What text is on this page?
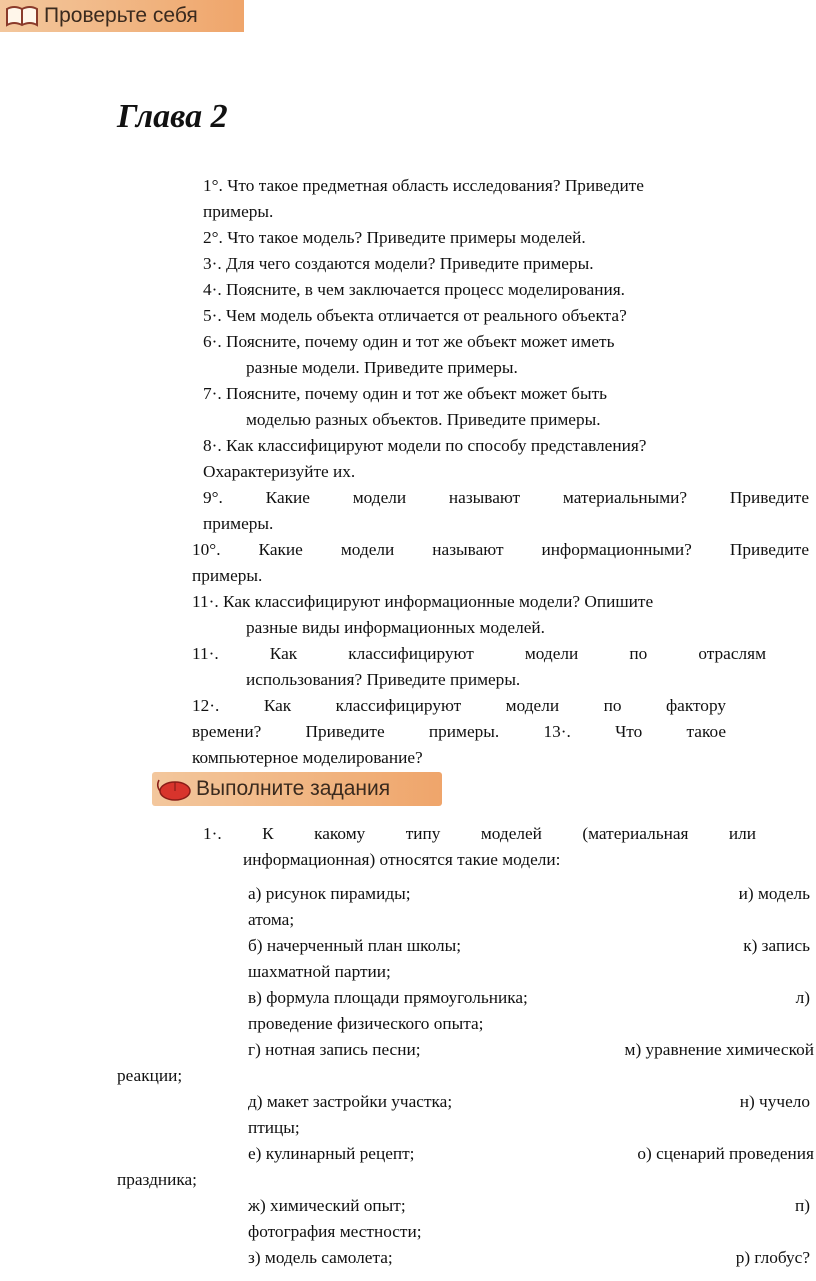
Проверьте себя
Глава 2
1°. Что такое предметная область исследования? Приведите
примеры.
2°. Что такое модель? Приведите примеры моделей.
3·. Для чего создаются модели? Приведите примеры.
4·. Поясните, в чем заключается процесс моделирования.
5·. Чем модель объекта отличается от реального объекта?
6·. Поясните, почему один и тот же объект может иметь
разные модели. Приведите примеры.
7·. Поясните, почему один и тот же объект может быть
моделью разных объектов. Приведите примеры.
8·. Как классифицируют модели по способу представления?
Охарактеризуйте их.
9°. Какие модели называют материальными? Приведите
примеры.
10°. Какие модели называют информационными? Приведите
примеры.
11·. Как классифицируют информационные модели? Опишите
разные виды информационных моделей.
11·. Как классифицируют модели по отраслям
использования? Приведите примеры.
12·. Как классифицируют модели по фактору
времени? Приведите примеры. 13·. Что такое
компьютерное моделирование?
Выполните задания
1·. К какому типу моделей (материальная или
информационная) относятся такие модели:
а) рисунок пирамиды;	и) модель
атома;
б) начерченный план школы;	к) запись
шахматной партии;
в) формула площади прямоугольника;	л)
проведение физического опыта;
г) нотная запись песни;	м) уравнение химической
реакции;
д) макет застройки участка;	н) чучело
птицы;
е) кулинарный рецепт;	о) сценарий проведения
праздника;
ж) химический опыт;	п)
фотография местности;
з) модель самолета;	р) глобус?
